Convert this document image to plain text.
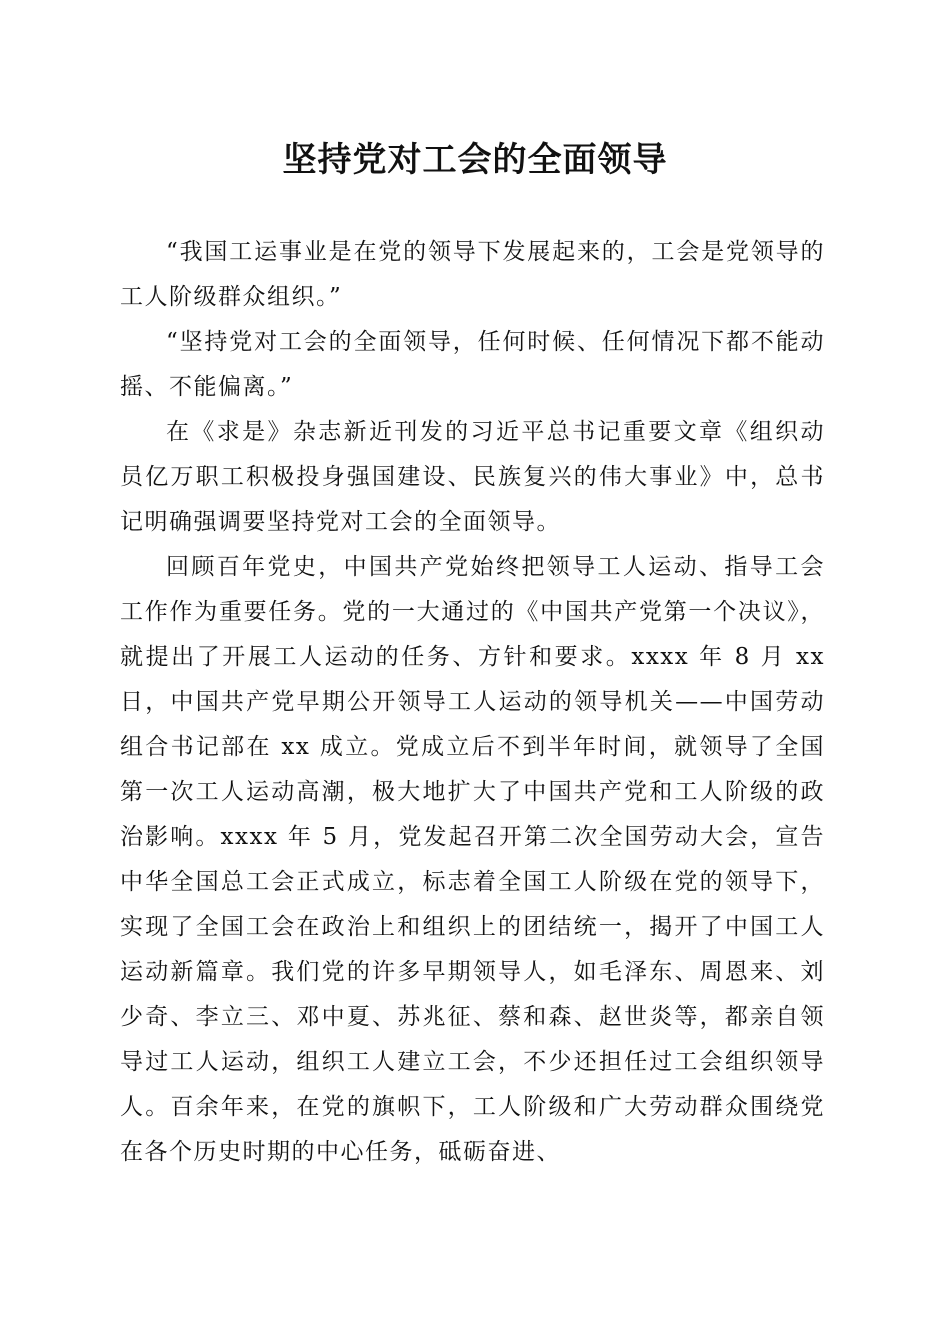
坚持党对工会的全面领导

“我国工运事业是在党的领导下发展起来的，工会是党领导的工人阶级群众组织。”

“坚持党对工会的全面领导，任何时候、任何情况下都不能动摇、不能偏离。”

在《求是》杂志新近刊发的习近平总书记重要文章《组织动员亿万职工积极投身强国建设、民族复兴的伟大事业》中，总书记明确强调要坚持党对工会的全面领导。

回顾百年党史，中国共产党始终把领导工人运动、指导工会工作作为重要任务。党的一大通过的《中国共产党第一个决议》，就提出了开展工人运动的任务、方针和要求。xxxx 年 8 月 xx 日，中国共产党早期公开领导工人运动的领导机关——中国劳动组合书记部在 xx 成立。党成立后不到半年时间，就领导了全国第一次工人运动高潮，极大地扩大了中国共产党和工人阶级的政治影响。xxxx 年 5 月，党发起召开第二次全国劳动大会，宣告中华全国总工会正式成立，标志着全国工人阶级在党的领导下，实现了全国工会在政治上和组织上的团结统一，揭开了中国工人运动新篇章。我们党的许多早期领导人，如毛泽东、周恩来、刘少奇、李立三、邓中夏、苏兆征、蔡和森、赵世炎等，都亲自领导过工人运动，组织工人建立工会，不少还担任过工会组织领导人。百余年来，在党的旗帜下，工人阶级和广大劳动群众围绕党在各个历史时期的中心任务，砥砺奋进、
